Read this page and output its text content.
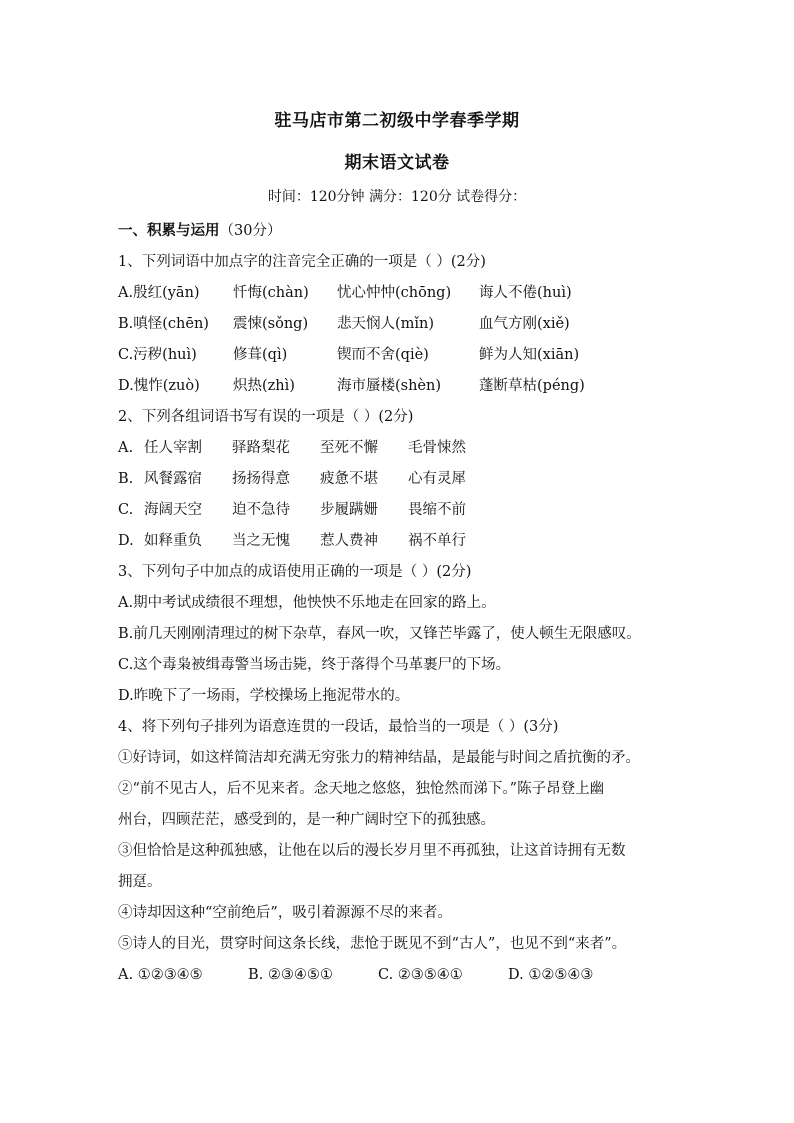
驻马店市第二初级中学春季学期
期末语文试卷
时间：120分钟 满分：120分 试卷得分：
一、积累与运用（30分）
1、下列词语中加点字的注音完全正确的一项是（ ）(2分)
A.殷红(yān)	忏悔(chàn)	忧心忡忡(chōng)	诲人不倦(huì)
B.嗔怪(chēn)	震悚(sǒng)	悲天悯人(mǐn)	血气方刚(xiě)
C.污秽(huì)	修葺(qì)	锲而不舍(qiè)	鲜为人知(xiān)
D.愧怍(zuò)	炽热(zhì)	海市蜃楼(shèn)	蓬断草枯(péng)
2、下列各组词语书写有误的一项是（ ）(2分)
A. 任人宰割	驿路梨花	至死不懈	毛骨悚然
B. 风餐露宿	扬扬得意	疲惫不堪	心有灵犀
C. 海阔天空	迫不急待	步履蹒姗	畏缩不前
D. 如释重负	当之无愧	惹人费神	祸不单行
3、下列句子中加点的成语使用正确的一项是（ ）(2分)
A.期中考试成绩很不理想，他怏怏不乐地走在回家的路上。
B.前几天刚刚清理过的树下杂草，春风一吹，又锋芒毕露了，使人顿生无限感叹。
C.这个毒枭被缉毒警当场击毙，终于落得个马革裹尸的下场。
D.昨晚下了一场雨，学校操场上拖泥带水的。
4、将下列句子排列为语意连贯的一段话，最恰当的一项是（ ）(3分)
①好诗词，如这样简洁却充满无穷张力的精神结晶，是最能与时间之盾抗衡的矛。
②“前不见古人，后不见来者。念天地之悠悠，独怆然而涕下。”陈子昂登上幽
州台，四顾茫茫，感受到的，是一种广阔时空下的孤独感。
③但恰恰是这种孤独感，让他在以后的漫长岁月里不再孤独，让这首诗拥有无数
拥趸。
④诗却因这种“空前绝后”，吸引着源源不尽的来者。
⑤诗人的目光，贯穿时间这条长线，悲怆于既见不到“古人”，也见不到“来者”。
A. ①②③④⑤	B. ②③④⑤①	C. ②③⑤④①	D. ①②⑤④③
